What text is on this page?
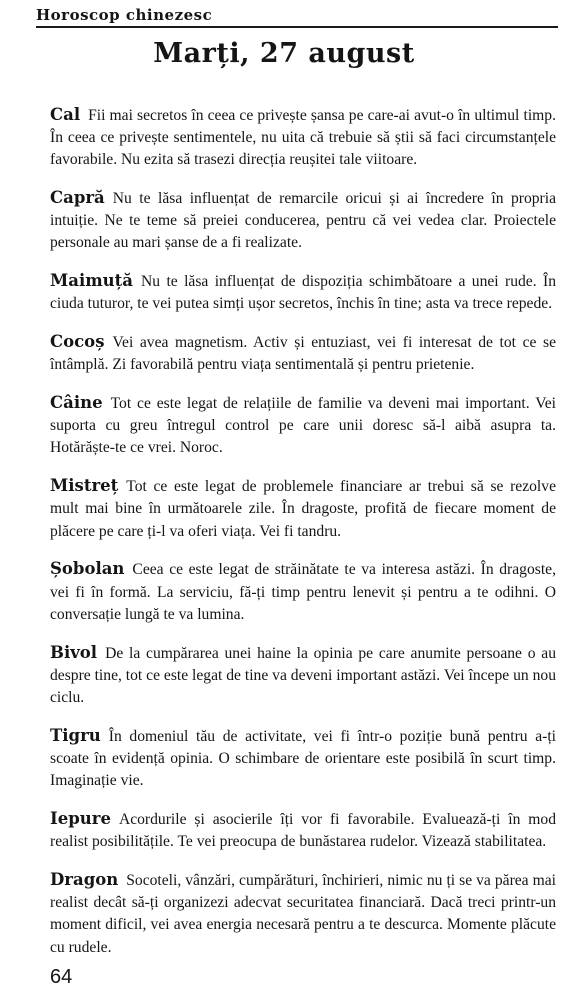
Horoscop chinezesc
Marți, 27 august

Cal Fii mai secretos în ceea ce privește șansa pe care-ai avut-o în ultimul timp. În ceea ce privește sentimentele, nu uita că trebuie să știi să faci circumstanțele favorabile. Nu ezita să trasezi direcția reușitei tale viitoare.

Capră Nu te lăsa influențat de remarcile oricui și ai încredere în propria intuiție. Ne te teme să preiei conducerea, pentru că vei vedea clar. Proiectele personale au mari șanse de a fi realizate.

Maimuță Nu te lăsa influențat de dispoziția schimbătoare a unei rude. În ciuda tuturor, te vei putea simți ușor secretos, închis în tine; asta va trece repede.

Cocoș Vei avea magnetism. Activ și entuziast, vei fi interesat de tot ce se întâmplă. Zi favorabilă pentru viața sentimentală și pentru prietenie.

Câine Tot ce este legat de relațiile de familie va deveni mai important. Vei suporta cu greu întregul control pe care unii doresc să-l aibă asupra ta. Hotărăște-te ce vrei. Noroc.

Mistreț Tot ce este legat de problemele financiare ar trebui să se rezolve mult mai bine în următoarele zile. În dragoste, profită de fiecare moment de plăcere pe care ți-l va oferi viața. Vei fi tandru.

Șobolan Ceea ce este legat de străinătate te va interesa astăzi. În dragoste, vei fi în formă. La serviciu, fă-ți timp pentru lenevit și pentru a te odihni. O conversație lungă te va lumina.

Bivol De la cumpărarea unei haine la opinia pe care anumite persoane o au despre tine, tot ce este legat de tine va deveni important astăzi. Vei începe un nou ciclu.

Tigru În domeniul tău de activitate, vei fi într-o poziție bună pentru a-ți scoate în evidență opinia. O schimbare de orientare este posibilă în scurt timp. Imaginație vie.

Iepure Acordurile și asocierile îți vor fi favorabile. Evaluează-ți în mod realist posibilitățile. Te vei preocupa de bunăstarea rudelor. Vizează stabilitatea.

Dragon Socoteli, vânzări, cumpărături, închirieri, nimic nu ți se va părea mai realist decât să-ți organizezi adecvat securitatea financiară. Dacă treci printr-un moment dificil, vei avea energia necesară pentru a te descurca. Momente plăcute cu rudele.

64
